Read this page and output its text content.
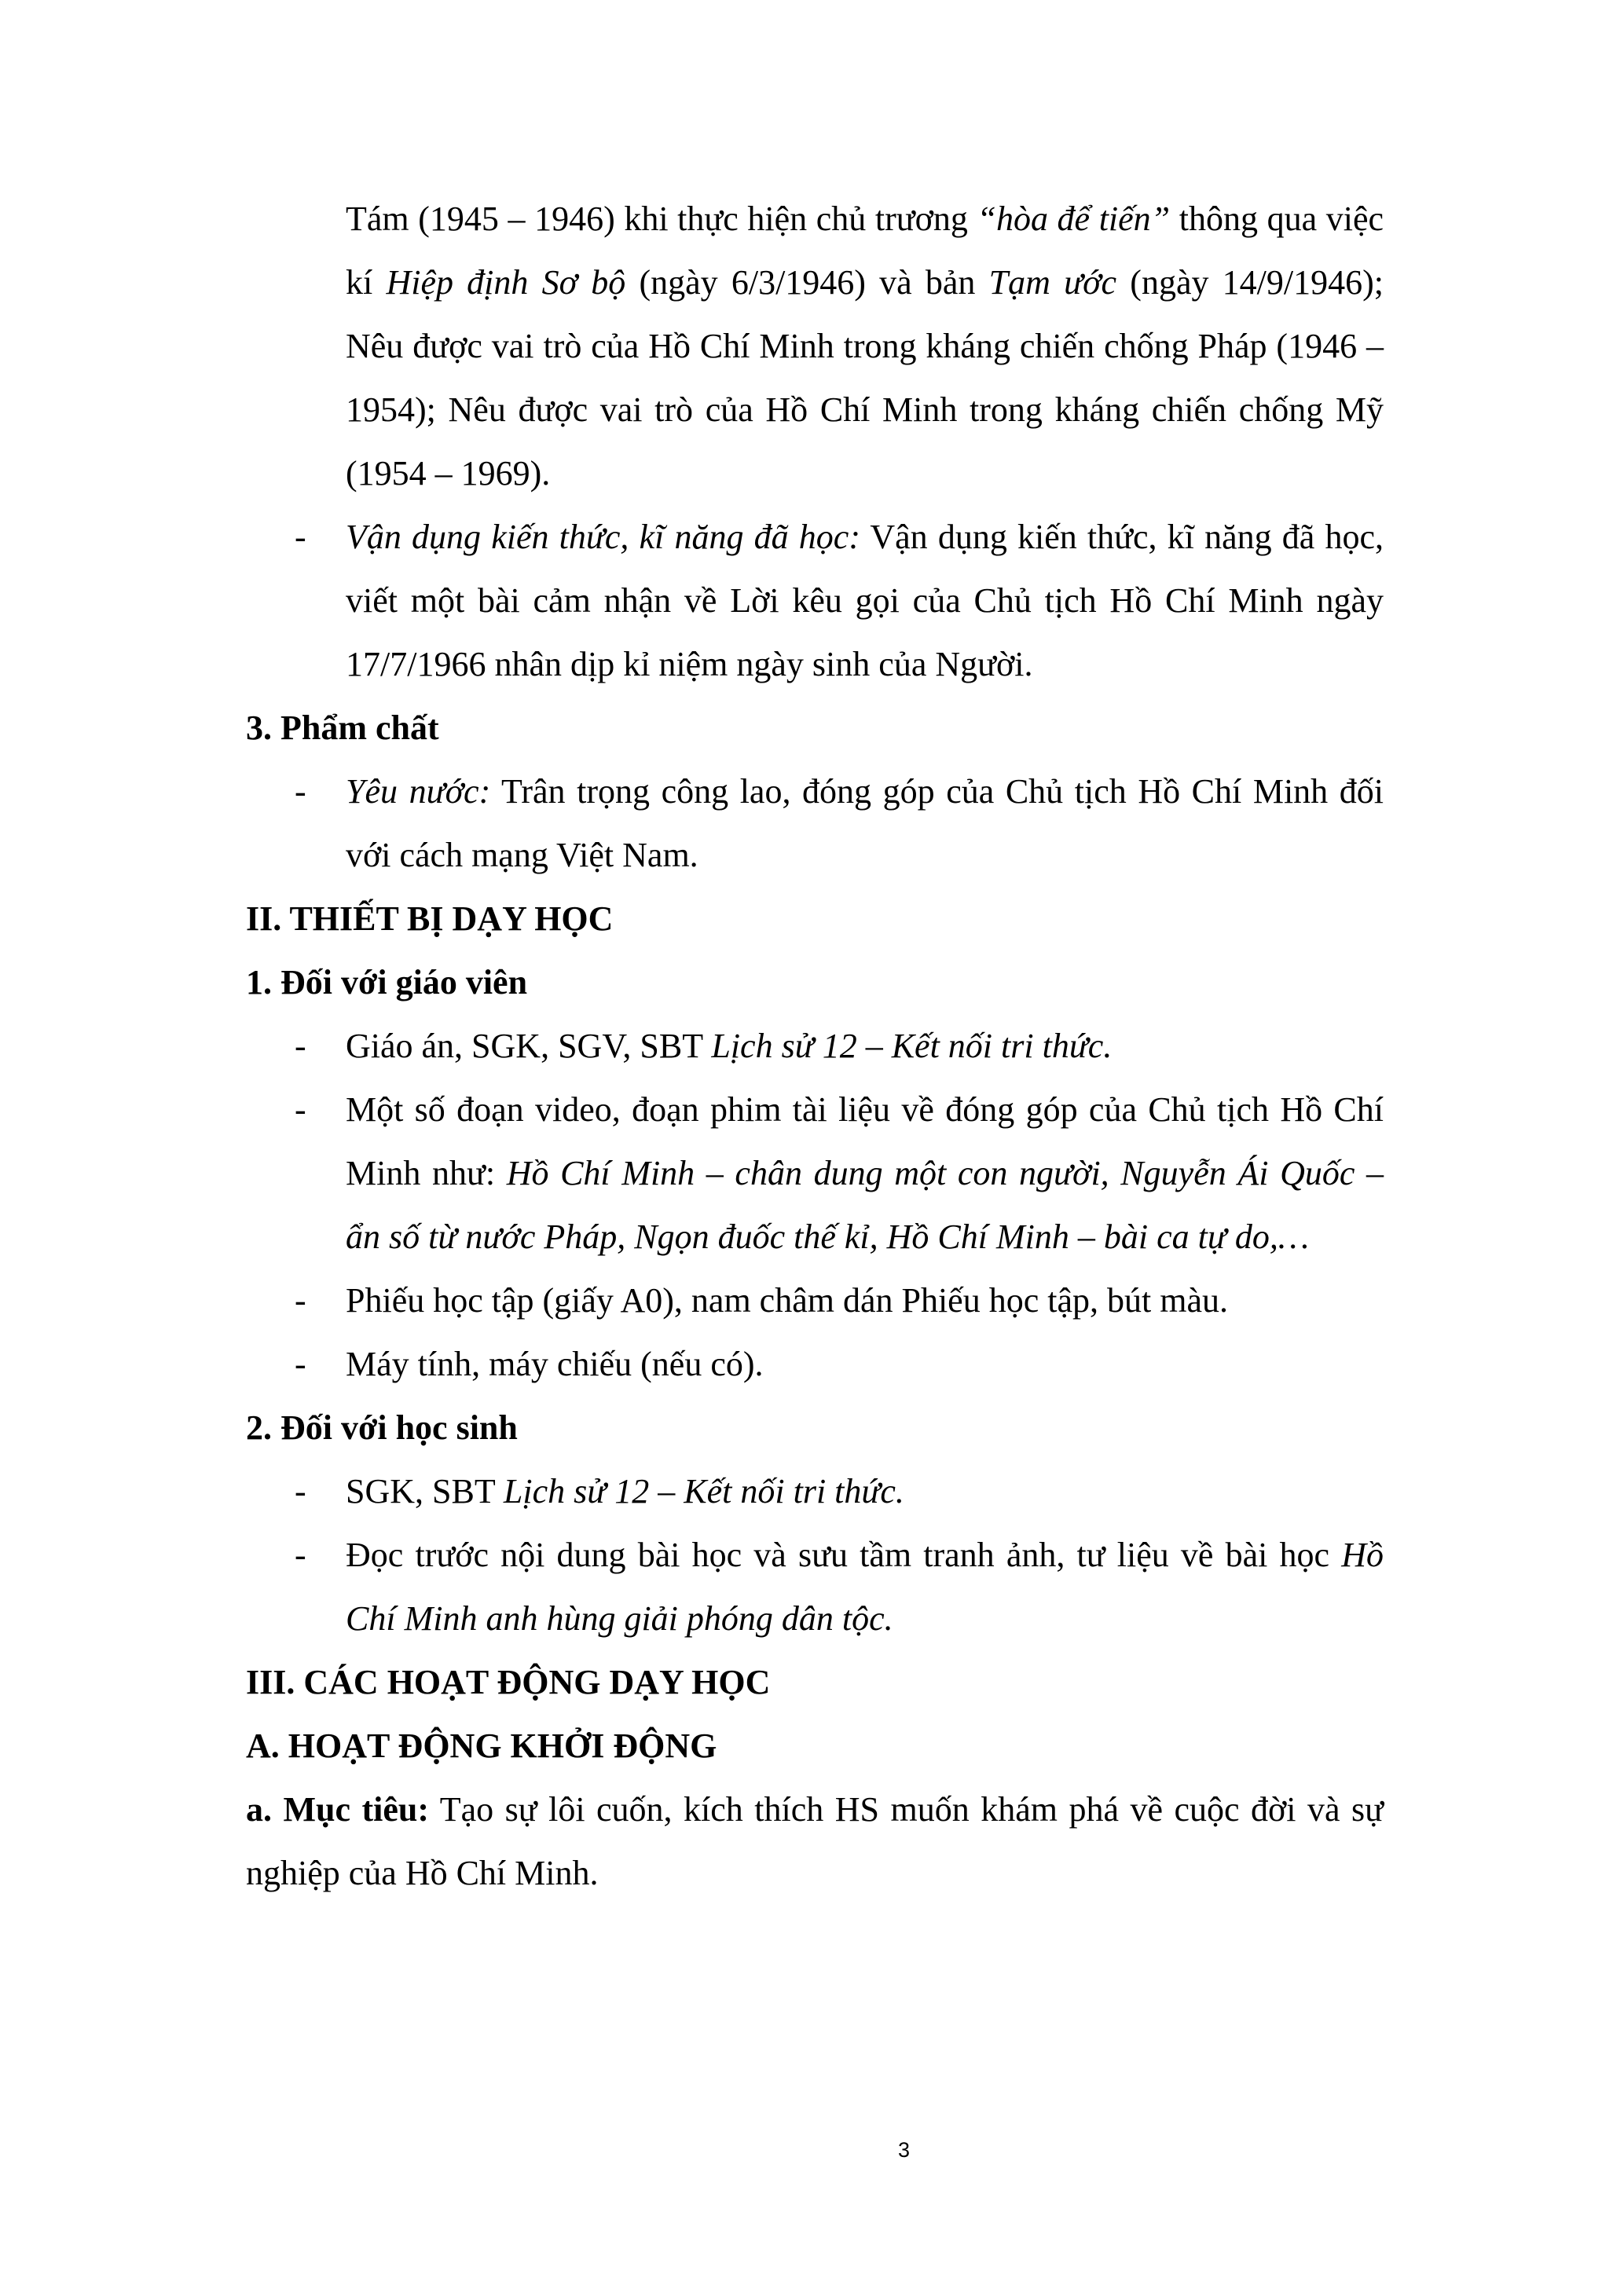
Tám (1945 – 1946) khi thực hiện chủ trương “hòa để tiến” thông qua việc kí Hiệp định Sơ bộ (ngày 6/3/1946) và bản Tạm ước (ngày 14/9/1946); Nêu được vai trò của Hồ Chí Minh trong kháng chiến chống Pháp (1946 – 1954); Nêu được vai trò của Hồ Chí Minh trong kháng chiến chống Mỹ (1954 – 1969).
- Vận dụng kiến thức, kĩ năng đã học: Vận dụng kiến thức, kĩ năng đã học, viết một bài cảm nhận về Lời kêu gọi của Chủ tịch Hồ Chí Minh ngày 17/7/1966 nhân dịp kỉ niệm ngày sinh của Người.
3. Phẩm chất
- Yêu nước: Trân trọng công lao, đóng góp của Chủ tịch Hồ Chí Minh đối với cách mạng Việt Nam.
II. THIẾT BỊ DẠY HỌC
1. Đối với giáo viên
- Giáo án, SGK, SGV, SBT Lịch sử 12 – Kết nối tri thức.
- Một số đoạn video, đoạn phim tài liệu về đóng góp của Chủ tịch Hồ Chí Minh như: Hồ Chí Minh – chân dung một con người, Nguyễn Ái Quốc – ẩn số từ nước Pháp, Ngọn đuốc thế kỉ, Hồ Chí Minh – bài ca tự do,…
- Phiếu học tập (giấy A0), nam châm dán Phiếu học tập, bút màu.
- Máy tính, máy chiếu (nếu có).
2. Đối với học sinh
- SGK, SBT Lịch sử 12 – Kết nối tri thức.
- Đọc trước nội dung bài học và sưu tầm tranh ảnh, tư liệu về bài học Hồ Chí Minh anh hùng giải phóng dân tộc.
III. CÁC HOẠT ĐỘNG DẠY HỌC
A. HOẠT ĐỘNG KHỞI ĐỘNG
a. Mục tiêu: Tạo sự lôi cuốn, kích thích HS muốn khám phá về cuộc đời và sự nghiệp của Hồ Chí Minh.
3
